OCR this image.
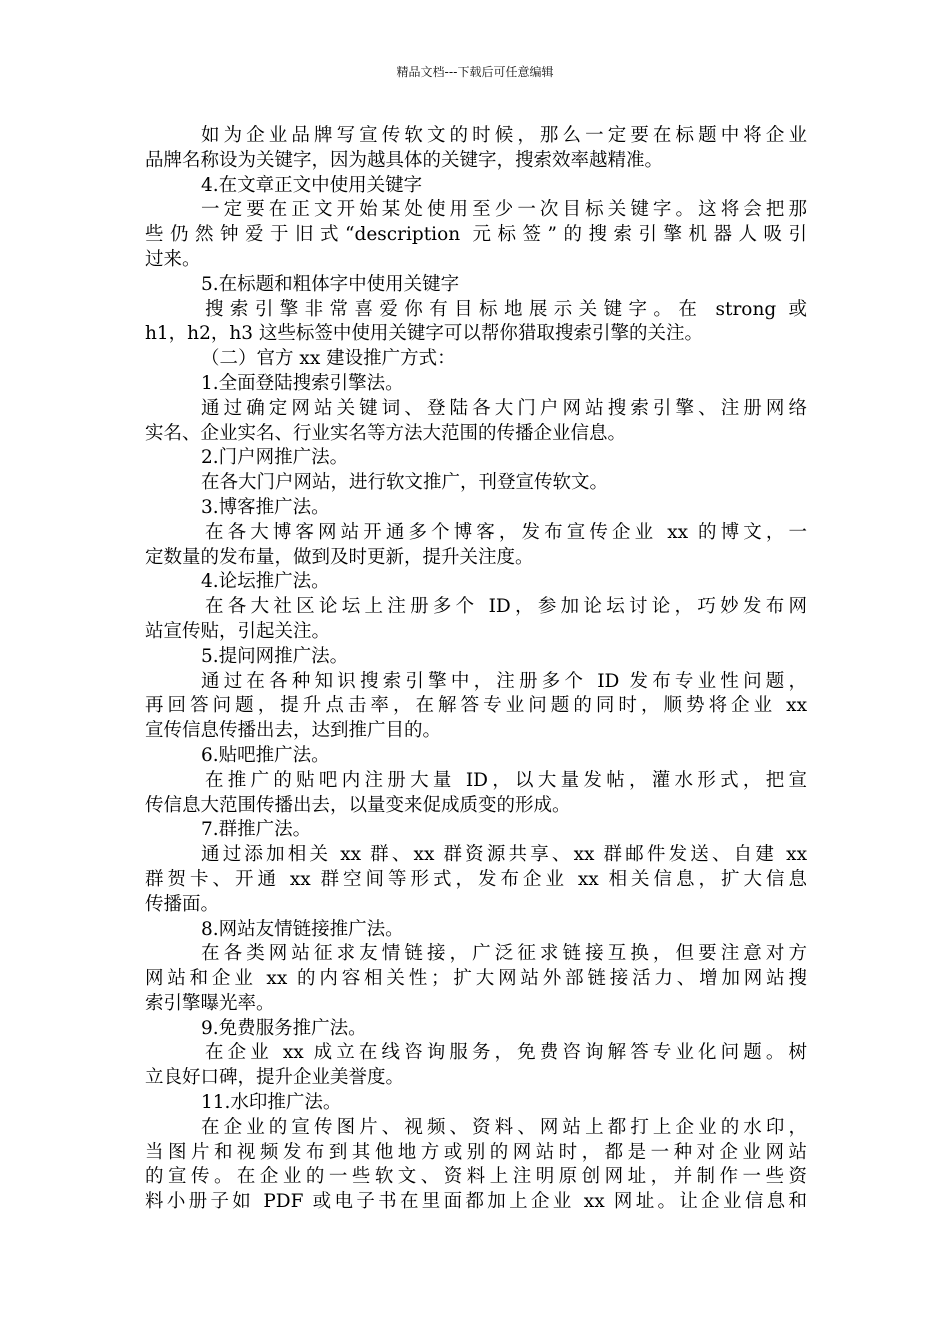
精品文档---下载后可任意编辑
如为企业品牌写宣传软文的时候，那么一定要在标题中将企业
品牌名称设为关键字，因为越具体的关键字，搜索效率越精准。
4.在文章正文中使用关键字
一定要在正文开始某处使用至少一次目标关键字。这将会把那
些仍然钟爱于旧式“description 元标签”的搜索引擎机器人吸引
过来。
5.在标题和粗体字中使用关键字
搜索引擎非常喜爱你有目标地展示关键字。在 strong 或
h1，h2，h3 这些标签中使用关键字可以帮你猎取搜索引擎的关注。
（二）官方 xx 建设推广方式：
1.全面登陆搜索引擎法。
通过确定网站关键词、登陆各大门户网站搜索引擎、注册网络
实名、企业实名、行业实名等方法大范围的传播企业信息。
2.门户网推广法。
在各大门户网站，进行软文推广，刊登宣传软文。
3.博客推广法。
在各大博客网站开通多个博客，发布宣传企业 xx 的博文，一
定数量的发布量，做到及时更新，提升关注度。
4.论坛推广法。
在各大社区论坛上注册多个 ID，参加论坛讨论，巧妙发布网
站宣传贴，引起关注。
5.提问网推广法。
通过在各种知识搜索引擎中，注册多个 ID 发布专业性问题，
再回答问题，提升点击率，在解答专业问题的同时，顺势将企业 xx
宣传信息传播出去，达到推广目的。
6.贴吧推广法。
在推广的贴吧内注册大量 ID，以大量发帖，灌水形式，把宣
传信息大范围传播出去，以量变来促成质变的形成。
7.群推广法。
通过添加相关 xx 群、xx 群资源共享、xx 群邮件发送、自建 xx
群贺卡、开通 xx 群空间等形式，发布企业 xx 相关信息，扩大信息
传播面。
8.网站友情链接推广法。
在各类网站征求友情链接，广泛征求链接互换，但要注意对方
网站和企业 xx 的内容相关性；扩大网站外部链接活力、增加网站搜
索引擎曝光率。
9.免费服务推广法。
在企业 xx 成立在线咨询服务，免费咨询解答专业化问题。树
立良好口碑，提升企业美誉度。
11.水印推广法。
在企业的宣传图片、视频、资料、网站上都打上企业的水印，
当图片和视频发布到其他地方或别的网站时，都是一种对企业网站
的宣传。在企业的一些软文、资料上注明原创网址，并制作一些资
料小册子如 PDF 或电子书在里面都加上企业 xx 网址。让企业信息和
